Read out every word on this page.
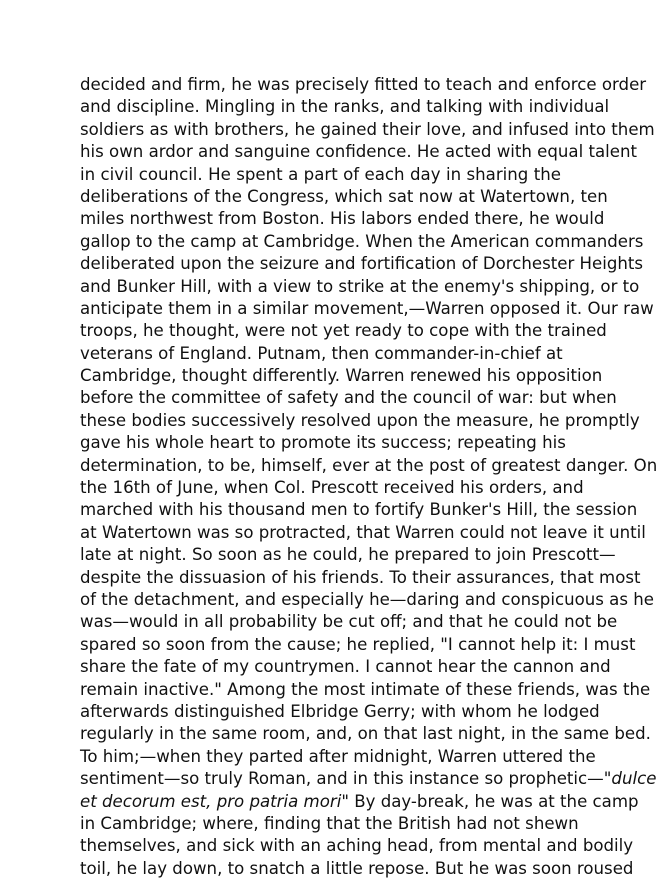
decided and firm, he was precisely fitted to teach and enforce order
and discipline. Mingling in the ranks, and talking with individual
soldiers as with brothers, he gained their love, and infused into them
his own ardor and sanguine confidence. He acted with equal talent
in civil council. He spent a part of each day in sharing the
deliberations of the Congress, which sat now at Watertown, ten
miles northwest from Boston. His labors ended there, he would
gallop to the camp at Cambridge. When the American commanders
deliberated upon the seizure and fortification of Dorchester Heights
and Bunker Hill, with a view to strike at the enemy's shipping, or to
anticipate them in a similar movement,—Warren opposed it. Our raw
troops, he thought, were not yet ready to cope with the trained
veterans of England. Putnam, then commander-in-chief at
Cambridge, thought differently. Warren renewed his opposition
before the committee of safety and the council of war: but when
these bodies successively resolved upon the measure, he promptly
gave his whole heart to promote its success; repeating his
determination, to be, himself, ever at the post of greatest danger. On
the 16th of June, when Col. Prescott received his orders, and
marched with his thousand men to fortify Bunker's Hill, the session
at Watertown was so protracted, that Warren could not leave it until
late at night. So soon as he could, he prepared to join Prescott—
despite the dissuasion of his friends. To their assurances, that most
of the detachment, and especially he—daring and conspicuous as he
was—would in all probability be cut off; and that he could not be
spared so soon from the cause; he replied, "I cannot help it: I must
share the fate of my countrymen. I cannot hear the cannon and
remain inactive." Among the most intimate of these friends, was the
afterwards distinguished Elbridge Gerry; with whom he lodged
regularly in the same room, and, on that last night, in the same bed.
To him;—when they parted after midnight, Warren uttered the
sentiment—so truly Roman, and in this instance so prophetic—"dulce
et decorum est, pro patria mori" By day-break, he was at the camp
in Cambridge; where, finding that the British had not shewn
themselves, and sick with an aching head, from mental and bodily
toil, he lay down, to snatch a little repose. But he was soon roused
